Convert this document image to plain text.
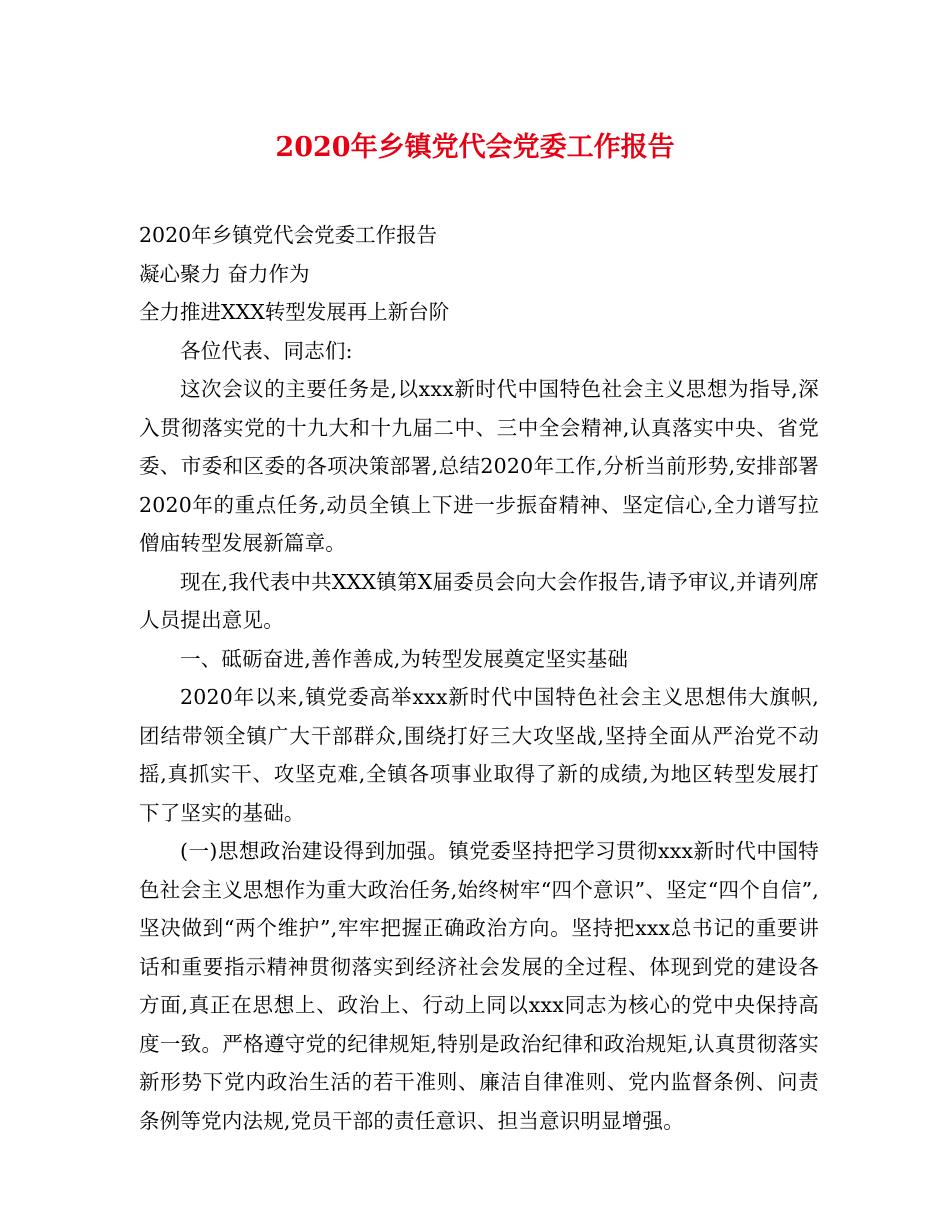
2020年乡镇党代会党委工作报告

2020年乡镇党代会党委工作报告

凝心聚力 奋力作为

全力推进XXX转型发展再上新台阶

各位代表、同志们:

这次会议的主要任务是,以xxx新时代中国特色社会主义思想为指导,深入贯彻落实党的十九大和十九届二中、三中全会精神,认真落实中央、省党委、市委和区委的各项决策部署,总结2020年工作,分析当前形势,安排部署2020年的重点任务,动员全镇上下进一步振奋精神、坚定信心,全力谱写拉僧庙转型发展新篇章。

现在,我代表中共XXX镇第X届委员会向大会作报告,请予审议,并请列席人员提出意见。

一、砥砺奋进,善作善成,为转型发展奠定坚实基础

2020年以来,镇党委高举xxx新时代中国特色社会主义思想伟大旗帜,团结带领全镇广大干部群众,围绕打好三大攻坚战,坚持全面从严治党不动摇,真抓实干、攻坚克难,全镇各项事业取得了新的成绩,为地区转型发展打下了坚实的基础。

(一)思想政治建设得到加强。镇党委坚持把学习贯彻xxx新时代中国特色社会主义思想作为重大政治任务,始终树牢“四个意识”、坚定“四个自信”, 坚决做到“两个维护”,牢牢把握正确政治方向。坚持把xxx总书记的重要讲话和重要指示精神贯彻落实到经济社会发展的全过程、体现到党的建设各方面,真正在思想上、政治上、行动上同以xxx同志为核心的党中央保持高度一致。严格遵守党的纪律规矩,特别是政治纪律和政治规矩,认真贯彻落实新形势下党内政治生活的若干准则、廉洁自律准则、党内监督条例、问责条例等党内法规,党员干部的责任意识、担当意识明显增强。
